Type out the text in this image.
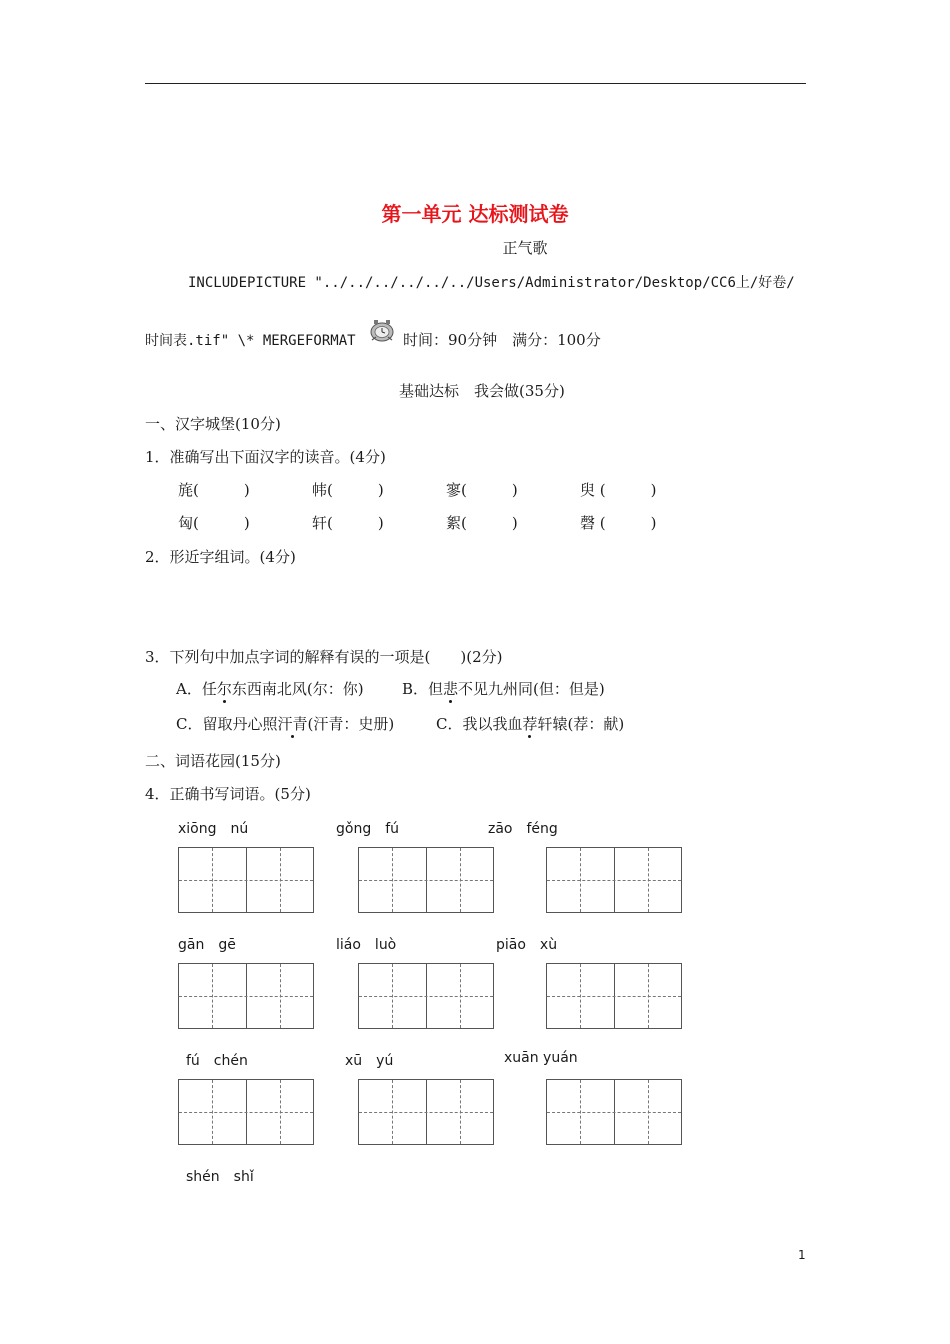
第一单元 达标测试卷
正气歌
INCLUDEPICTURE "../../../../../../Users/Administrator/Desktop/CC6上/好卷/
时间表.tif" \* MERGEFORMAT	时间：90分钟　满分：100分
基础达标　我会做(35分)
一、汉字城堡(10分)
1．准确写出下面汉字的读音。(4分)
旄(　　　)	帏(　　　)	寥(　　　)	臾 (　　　)
匈(　　　)	轩(　　　)	絮(　　　)	磬 (　　　)
2．形近字组词。(4分)
3．下列句中加点字词的解释有误的一项是(　　)(2分)
A．任尔东西南北风(尔：你)	B．但悲不见九州同(但：但是)
C．留取丹心照汗青(汗青：史册)	C．我以我血荐轩辕(荐：献)
二、词语花园(15分)
4．正确书写词语。(5分)
xiōng　nú	gǒng　fú	zāo　féng
gān　gē	liáo　luò	piāo　xù
fú　chén	xū　yú	xuān yuán
shén　shǐ
1
